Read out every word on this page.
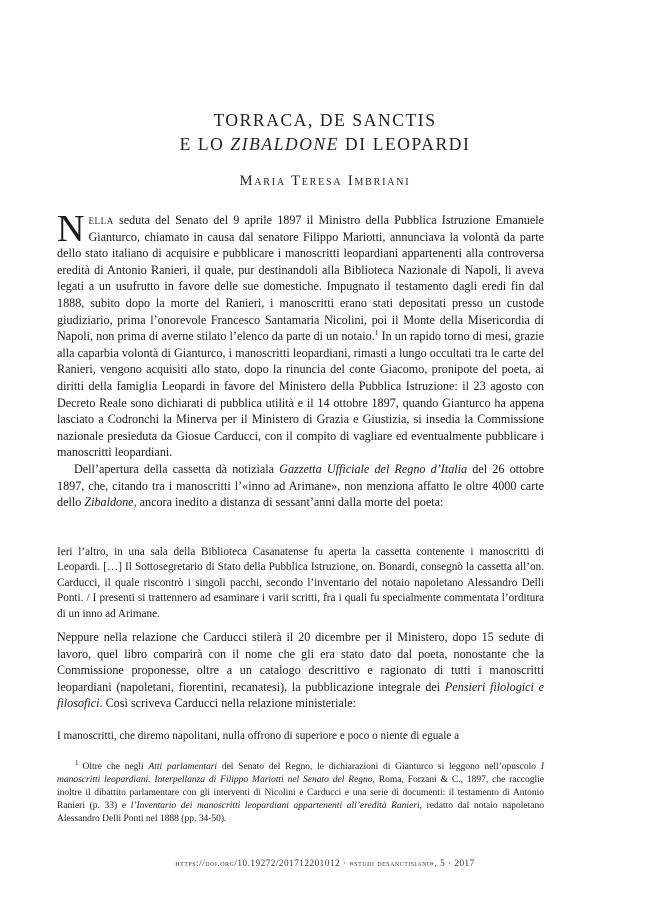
TORRACA, DE SANCTIS
E LO ZIBALDONE DI LEOPARDI
Maria Teresa Imbriani

Nella seduta del Senato del 9 aprile 1897 il Ministro della Pubblica Istruzione Emanuele Gianturco, chiamato in causa dal senatore Filippo Mariotti, annunciava la volontà da parte dello stato italiano di acquisire e pubblicare i manoscritti leopardiani appartenenti alla controversa eredità di Antonio Ranieri, il quale, pur destinandoli alla Biblioteca Nazionale di Napoli, li aveva legati a un usufrutto in favore delle sue domestiche. Impugnato il testamento dagli eredi fin dal 1888, subito dopo la morte del Ranieri, i manoscritti erano stati depositati presso un custode giudiziario, prima l’onorevole Francesco Santamaria Nicolini, poi il Monte della Misericordia di Napoli, non prima di averne stilato l’elenco da parte di un notaio.$^1$ In un rapido torno di mesi, grazie alla caparbia volontà di Gianturco, i manoscritti leopardiani, rimasti a lungo occultati tra le carte del Ranieri, vengono acquisiti allo stato, dopo la rinuncia del conte Giacomo, pronipote del poeta, ai diritti della famiglia Leopardi in favore del Ministero della Pubblica Istruzione: il 23 agosto con Decreto Reale sono dichiarati di pubblica utilità e il 14 ottobre 1897, quando Gianturco ha appena lasciato a Codronchi la Minerva per il Ministero di Grazia e Giustizia, si insedia la Commissione nazionale presieduta da Giosue Carducci, con il compito di vagliare ed eventualmente pubblicare i manoscritti leopardiani.

Dell’apertura della cassetta dà notiziala Gazzetta Ufficiale del Regno d’Italia del 26 ottobre 1897, che, citando tra i manoscritti l’«inno ad Arimane», non menziona affatto le oltre 4000 carte dello Zibaldone, ancora inedito a distanza di sessant’anni dalla morte del poeta:

Ieri l’altro, in una sala della Biblioteca Casanatense fu aperta la cassetta contenente i manoscritti di Leopardi. […] Il Sottosegretario di Stato della Pubblica Istruzione, on. Bonardi, consegnò la cassetta all’on. Carducci, il quale riscontrò i singoli pacchi, secondo l’inventario del notaio napoletano Alessandro Delli Ponti. / I presenti si trattennero ad esaminare i varii scritti, fra i quali fu specialmente commentata l’orditura di un inno ad Arimane.

Neppure nella relazione che Carducci stilerà il 20 dicembre per il Ministero, dopo 15 sedute di lavoro, quel libro comparirà con il nome che gli era stato dato dal poeta, nonostante che la Commissione proponesse, oltre a un catalogo descrittivo e ragionato di tutti i manoscritti leopardiani (napoletani, fiorentini, recanatesi), la pubblicazione integrale dei Pensieri filologici e filosofici. Così scriveva Carducci nella relazione ministeriale:

I manoscritti, che diremo napolitani, nulla offrono di superiore e poco o niente di eguale a
$^1$ Oltre che negli Atti parlamentari del Senato del Regno, le dichiarazioni di Gianturco si leggono nell’opuscolo I manoscritti leopardiani. Interpellanza di Filippo Mariotti nel Senato del Regno, Roma, Forzani & C., 1897, che raccoglie inoltre il dibattito parlamentare con gli interventi di Nicolini e Carducci e una serie di documenti: il testamento di Antonio Ranieri (p. 33) e l’Inventario dei manoscritti leopardiani appartenenti all’eredità Ranieri, redatto dal notaio napoletano Alessandro Delli Ponti nel 1888 (pp. 34-50).
https://doi.org/10.19272/201712201012 · «studi desanctisiani», 5 · 2017
